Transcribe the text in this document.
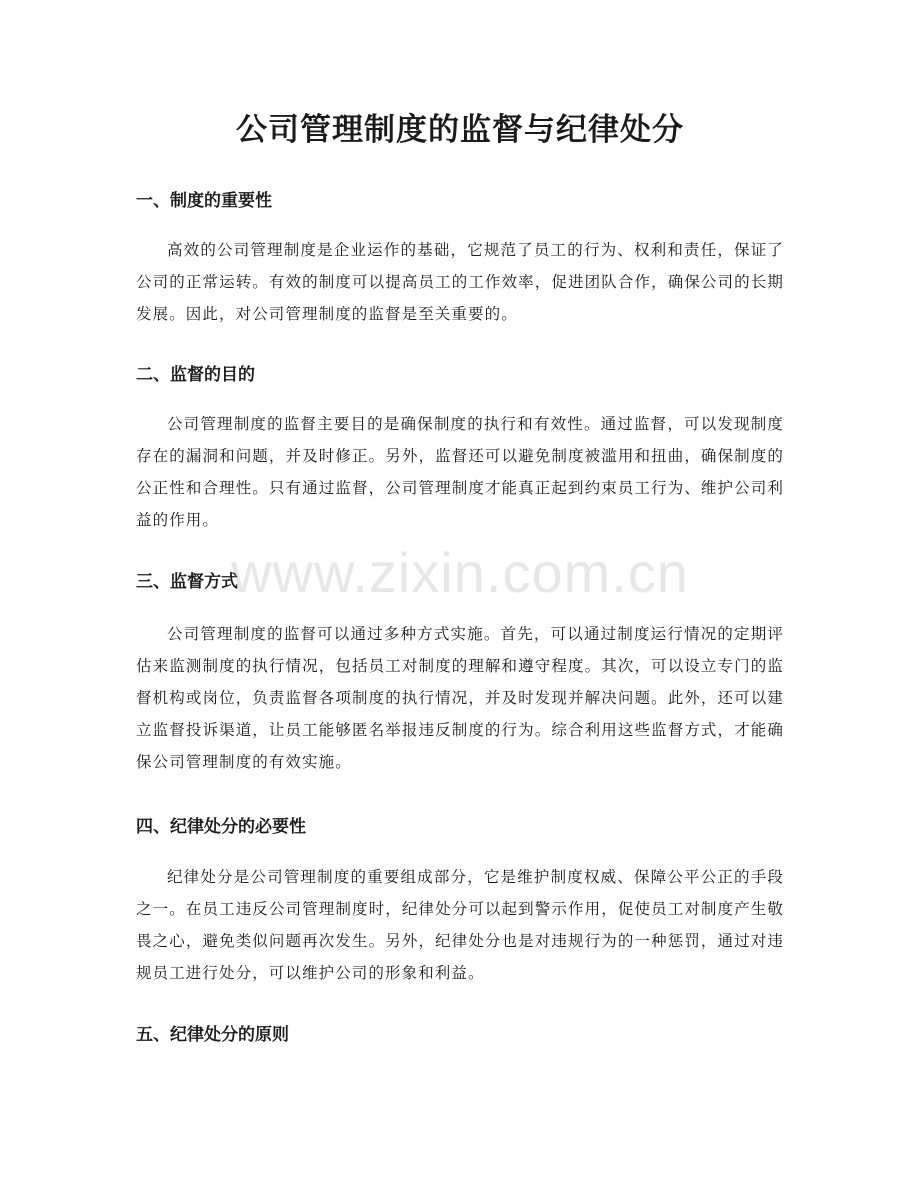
公司管理制度的监督与纪律处分
一、制度的重要性

高效的公司管理制度是企业运作的基础，它规范了员工的行为、权利和责任，保证了公司的正常运转。有效的制度可以提高员工的工作效率，促进团队合作，确保公司的长期发展。因此，对公司管理制度的监督是至关重要的。

二、监督的目的

公司管理制度的监督主要目的是确保制度的执行和有效性。通过监督，可以发现制度存在的漏洞和问题，并及时修正。另外，监督还可以避免制度被滥用和扭曲，确保制度的公正性和合理性。只有通过监督，公司管理制度才能真正起到约束员工行为、维护公司利益的作用。

三、监督方式

公司管理制度的监督可以通过多种方式实施。首先，可以通过制度运行情况的定期评估来监测制度的执行情况，包括员工对制度的理解和遵守程度。其次，可以设立专门的监督机构或岗位，负责监督各项制度的执行情况，并及时发现并解决问题。此外，还可以建立监督投诉渠道，让员工能够匿名举报违反制度的行为。综合利用这些监督方式，才能确保公司管理制度的有效实施。

四、纪律处分的必要性

纪律处分是公司管理制度的重要组成部分，它是维护制度权威、保障公平公正的手段之一。在员工违反公司管理制度时，纪律处分可以起到警示作用，促使员工对制度产生敬畏之心，避免类似问题再次发生。另外，纪律处分也是对违规行为的一种惩罚，通过对违规员工进行处分，可以维护公司的形象和利益。

五、纪律处分的原则
www.zixin.com.cn
